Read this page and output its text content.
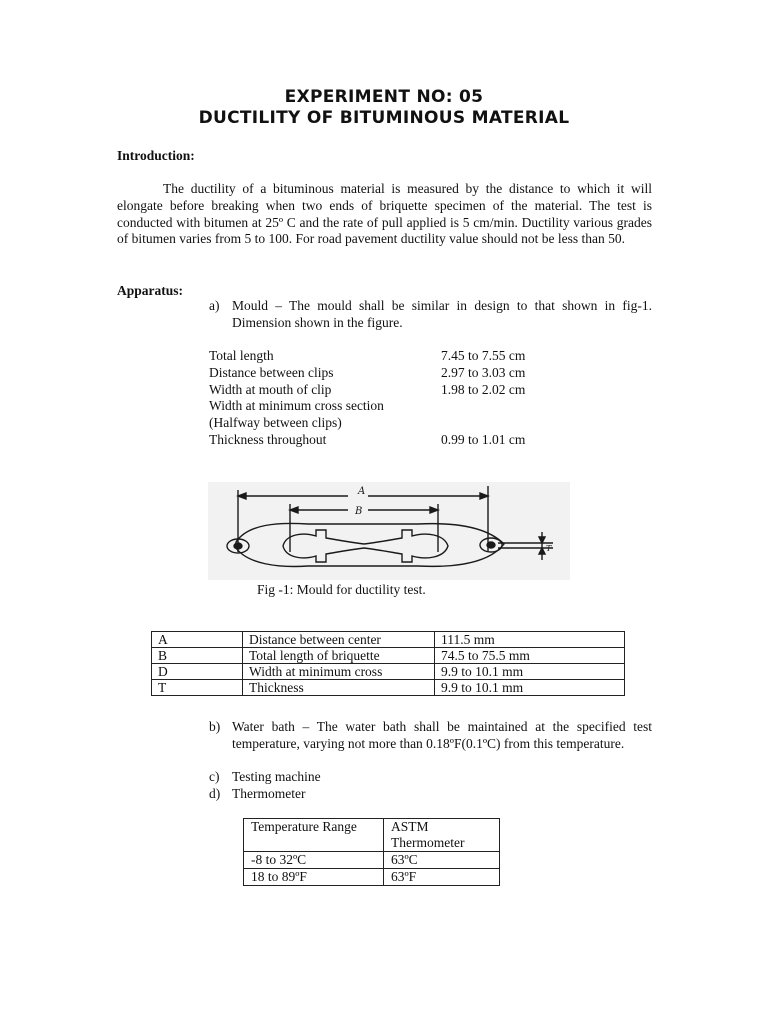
EXPERIMENT NO: 05
DUCTILITY OF BITUMINOUS MATERIAL
Introduction:
The ductility of a bituminous material is measured by the distance to which it will elongate before breaking when two ends of briquette specimen of the material. The test is conducted with bitumen at 25º C and the rate of pull applied is 5 cm/min. Ductility various grades of bitumen varies from 5 to 100. For road pavement ductility value should not be less than 50.
Apparatus:
a) Mould – The mould shall be similar in design to that shown in fig-1. Dimension shown in the figure.
Total length	7.45 to 7.55 cm
Distance between clips	2.97 to 3.03 cm
Width at mouth of clip	1.98 to 2.02 cm
Width at minimum cross section
(Halfway between clips)
Thickness throughout	0.99 to 1.01 cm
A
B
T
Fig -1: Mould for ductility test.
A	Distance between center	111.5 mm
B	Total length of briquette	74.5 to 75.5 mm
D	Width at minimum cross	9.9 to 10.1 mm
T	Thickness	9.9 to 10.1 mm
b) Water bath – The water bath shall be maintained at the specified test temperature, varying not more than 0.18ºF(0.1ºC) from this temperature.
c) Testing machine
d) Thermometer
Temperature Range	ASTM Thermometer
-8 to 32ºC	63ºC
18 to 89ºF	63ºF
